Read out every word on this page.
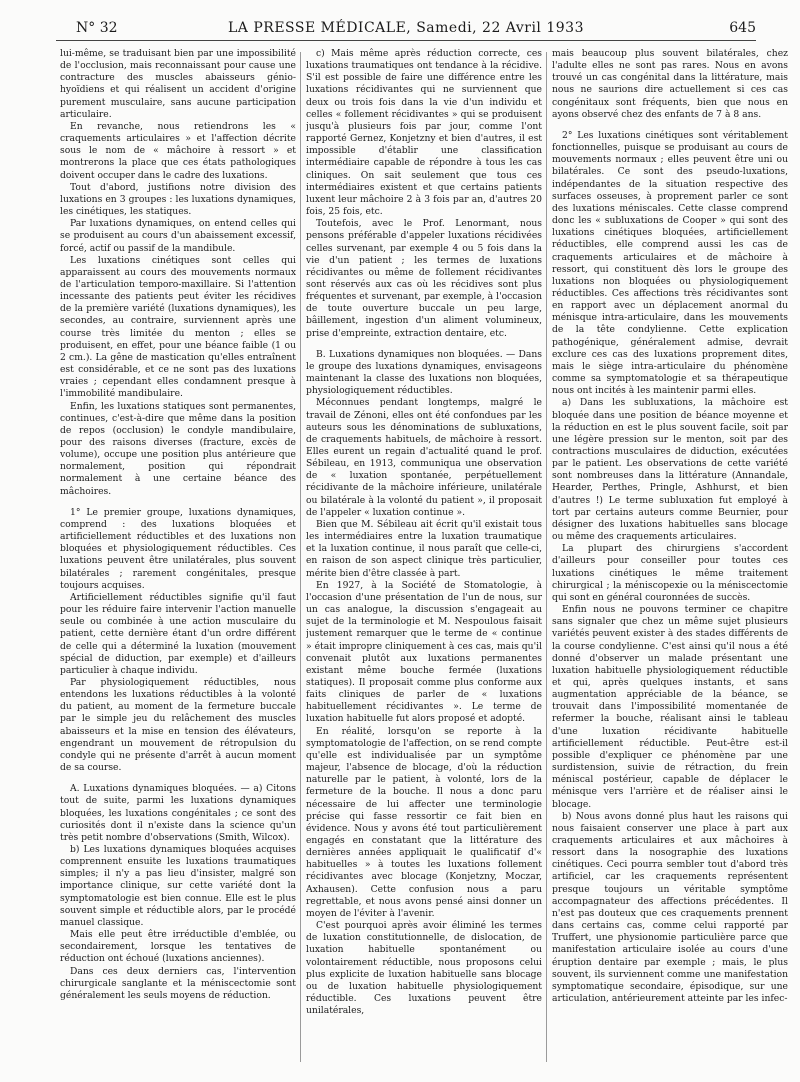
N° 32	LA PRESSE MÉDICALE, Samedi, 22 Avril 1933	645

lui-même, se traduisant bien par une impossibilité de l'occlusion, mais reconnaissant pour cause une contracture des muscles abaisseurs génio-hyoïdiens et qui réalisent un accident d'origine purement musculaire, sans aucune participation articulaire.

En revanche, nous retiendrons les « craquements articulaires » et l'affection décrite sous le nom de « mâchoire à ressort » et montrerons la place que ces états pathologiques doivent occuper dans le cadre des luxations.

Tout d'abord, justifions notre division des luxations en 3 groupes : les luxations dynamiques, les cinétiques, les statiques.

Par luxations dynamiques, on entend celles qui se produisent au cours d'un abaissement excessif, forcé, actif ou passif de la mandibule.

Les luxations cinétiques sont celles qui apparaissent au cours des mouvements normaux de l'articulation temporo-maxillaire. Si l'attention incessante des patients peut éviter les récidives de la première variété (luxations dynamiques), les secondes, au contraire, surviennent après une course très limitée du menton ; elles se produisent, en effet, pour une béance faible (1 ou 2 cm.). La gêne de mastication qu'elles entraînent est considérable, et ce ne sont pas des luxations vraies ; cependant elles condamnent presque à l'immobilité mandibulaire.

Enfin, les luxations statiques sont permanentes, continues, c'est-à-dire que même dans la position de repos (occlusion) le condyle mandibulaire, pour des raisons diverses (fracture, excès de volume), occupe une position plus antérieure que normalement, position qui répondrait normalement à une certaine béance des mâchoires.

1° Le premier groupe, luxations dynamiques, comprend : des luxations bloquées et artificiellement réductibles et des luxations non bloquées et physiologiquement réductibles. Ces luxations peuvent être unilatérales, plus souvent bilatérales ; rarement congénitales, presque toujours acquises.

Artificiellement réductibles signifie qu'il faut pour les réduire faire intervenir l'action manuelle seule ou combinée à une action musculaire du patient, cette dernière étant d'un ordre différent de celle qui a déterminé la luxation (mouvement spécial de diduction, par exemple) et d'ailleurs particulier à chaque individu.

Par physiologiquement réductibles, nous entendons les luxations réductibles à la volonté du patient, au moment de la fermeture buccale par le simple jeu du relâchement des muscles abaisseurs et la mise en tension des élévateurs, engendrant un mouvement de rétropulsion du condyle qui ne présente d'arrêt à aucun moment de sa course.

A. Luxations dynamiques bloquées. — a) Citons tout de suite, parmi les luxations dynamiques bloquées, les luxations congénitales ; ce sont des curiosités dont il n'existe dans la science qu'un très petit nombre d'observations (Smith, Wilcox).

b) Les luxations dynamiques bloquées acquises comprennent ensuite les luxations traumatiques simples; il n'y a pas lieu d'insister, malgré son importance clinique, sur cette variété dont la symptomatologie est bien connue. Elle est le plus souvent simple et réductible alors, par le procédé manuel classique.

Mais elle peut être irréductible d'emblée, ou secondairement, lorsque les tentatives de réduction ont échoué (luxations anciennes).

Dans ces deux derniers cas, l'intervention chirurgicale sanglante et la méniscectomie sont généralement les seuls moyens de réduction.

c) Mais même après réduction correcte, ces luxations traumatiques ont tendance à la récidive. S'il est possible de faire une différence entre les luxations récidivantes qui ne surviennent que deux ou trois fois dans la vie d'un individu et celles « follement récidivantes » qui se produisent jusqu'à plusieurs fois par jour, comme l'ont rapporté Gernez, Konjetzny et bien d'autres, il est impossible d'établir une classification intermédiaire capable de répondre à tous les cas cliniques. On sait seulement que tous ces intermédiaires existent et que certains patients luxent leur mâchoire 2 à 3 fois par an, d'autres 20 fois, 25 fois, etc.

Toutefois, avec le Prof. Lenormant, nous pensons préférable d'appeler luxations récidivées celles survenant, par exemple 4 ou 5 fois dans la vie d'un patient ; les termes de luxations récidivantes ou même de follement récidivantes sont réservés aux cas où les récidives sont plus fréquentes et survenant, par exemple, à l'occasion de toute ouverture buccale un peu large, bâillement, ingestion d'un aliment volumineux, prise d'empreinte, extraction dentaire, etc.

B. Luxations dynamiques non bloquées. — Dans le groupe des luxations dynamiques, envisageons maintenant la classe des luxations non bloquées, physiologiquement réductibles.

Méconnues pendant longtemps, malgré le travail de Zénoni, elles ont été confondues par les auteurs sous les dénominations de subluxations, de craquements habituels, de mâchoire à ressort. Elles eurent un regain d'actualité quand le prof. Sébileau, en 1913, communiqua une observation de « luxation spontanée, perpétuellement récidivante de la mâchoire inférieure, unilatérale ou bilatérale à la volonté du patient », il proposait de l'appeler « luxation continue ».

Bien que M. Sébileau ait écrit qu'il existait tous les intermédiaires entre la luxation traumatique et la luxation continue, il nous paraît que celle-ci, en raison de son aspect clinique très particulier, mérite bien d'être classée à part.

En 1927, à la Société de Stomatologie, à l'occasion d'une présentation de l'un de nous, sur un cas analogue, la discussion s'engageait au sujet de la terminologie et M. Nespoulous faisait justement remarquer que le terme de « continue » était impropre cliniquement à ces cas, mais qu'il convenait plutôt aux luxations permanentes existant même bouche fermée (luxations statiques). Il proposait comme plus conforme aux faits cliniques de parler de « luxations habituellement récidivantes ». Le terme de luxation habituelle fut alors proposé et adopté.

En réalité, lorsqu'on se reporte à la symptomatologie de l'affection, on se rend compte qu'elle est individualisée par un symptôme majeur, l'absence de blocage, d'où la réduction naturelle par le patient, à volonté, lors de la fermeture de la bouche. Il nous a donc paru nécessaire de lui affecter une terminologie précise qui fasse ressortir ce fait bien en évidence. Nous y avons été tout particulièrement engagés en constatant que la littérature des dernières années appliquait le qualificatif d'« habituelles » à toutes les luxations follement récidivantes avec blocage (Konjetzny, Moczar, Axhausen). Cette confusion nous a paru regrettable, et nous avons pensé ainsi donner un moyen de l'éviter à l'avenir.

C'est pourquoi après avoir éliminé les termes de luxation constitutionnelle, de dislocation, de luxation habituelle spontanément ou volontairement réductible, nous proposons celui plus explicite de luxation habituelle sans blocage ou de luxation habituelle physiologiquement réductible. Ces luxations peuvent être unilatérales,

mais beaucoup plus souvent bilatérales, chez l'adulte elles ne sont pas rares. Nous en avons trouvé un cas congénital dans la littérature, mais nous ne saurions dire actuellement si ces cas congénitaux sont fréquents, bien que nous en ayons observé chez des enfants de 7 à 8 ans.

2° Les luxations cinétiques sont véritablement fonctionnelles, puisque se produisant au cours de mouvements normaux ; elles peuvent être uni ou bilatérales. Ce sont des pseudo-luxations, indépendantes de la situation respective des surfaces osseuses, à proprement parler ce sont des luxations méniscales. Cette classe comprend donc les « subluxations de Cooper » qui sont des luxations cinétiques bloquées, artificiellement réductibles, elle comprend aussi les cas de craquements articulaires et de mâchoire à ressort, qui constituent dès lors le groupe des luxations non bloquées ou physiologiquement réductibles. Ces affections très récidivantes sont en rapport avec un déplacement anormal du ménisque intra-articulaire, dans les mouvements de la tête condylienne. Cette explication pathogénique, généralement admise, devrait exclure ces cas des luxations proprement dites, mais le siège intra-articulaire du phénomène comme sa symptomatologie et sa thérapeutique nous ont incités à les maintenir parmi elles.

a) Dans les subluxations, la mâchoire est bloquée dans une position de béance moyenne et la réduction en est le plus souvent facile, soit par une légère pression sur le menton, soit par des contractions musculaires de diduction, exécutées par le patient. Les observations de cette variété sont nombreuses dans la littérature (Annandale, Hearder, Perthes, Pringle, Ashhurst, et bien d'autres !) Le terme subluxation fut employé à tort par certains auteurs comme Beurnier, pour désigner des luxations habituelles sans blocage ou même des craquements articulaires.

La plupart des chirurgiens s'accordent d'ailleurs pour conseiller pour toutes ces luxations cinétiques le même traitement chirurgical ; la méniscopexie ou la méniscectomie qui sont en général couronnées de succès.

Enfin nous ne pouvons terminer ce chapitre sans signaler que chez un même sujet plusieurs variétés peuvent exister à des stades différents de la course condylienne. C'est ainsi qu'il nous a été donné d'observer un malade présentant une luxation habituelle physiologiquement réductible et qui, après quelques instants, et sans augmentation appréciable de la béance, se trouvait dans l'impossibilité momentanée de refermer la bouche, réalisant ainsi le tableau d'une luxation récidivante habituelle artificiellement réductible. Peut-être est-il possible d'expliquer ce phénomène par une surdistension, suivie de rétraction, du frein méniscal postérieur, capable de déplacer le ménisque vers l'arrière et de réaliser ainsi le blocage.

b) Nous avons donné plus haut les raisons qui nous faisaient conserver une place à part aux craquements articulaires et aux mâchoires à ressort dans la nosographie des luxations cinétiques. Ceci pourra sembler tout d'abord très artificiel, car les craquements représentent presque toujours un véritable symptôme accompagnateur des affections précédentes. Il n'est pas douteux que ces craquements prennent dans certains cas, comme celui rapporté par Truffert, une physionomie particulière parce que manifestation articulaire isolée au cours d'une éruption dentaire par exemple ; mais, le plus souvent, ils surviennent comme une manifestation symptomatique secondaire, épisodique, sur une articulation, antérieurement atteinte par les infec-
